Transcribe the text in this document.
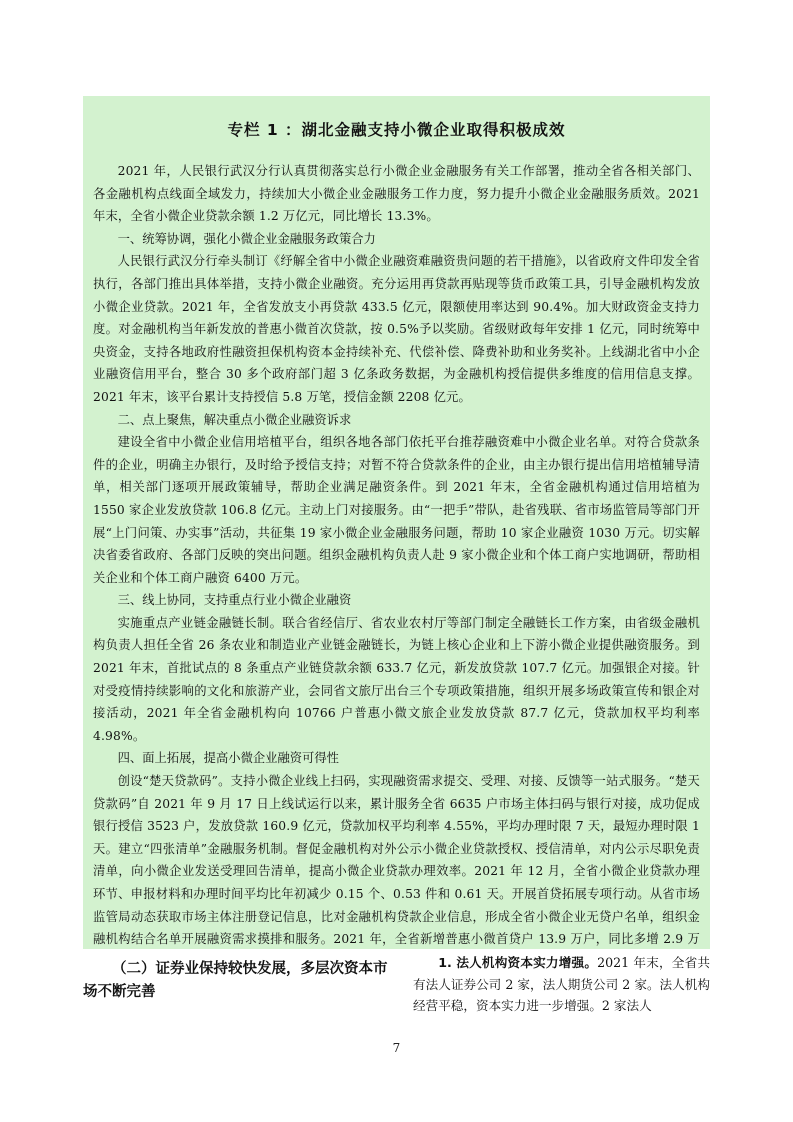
专栏 1 ：湖北金融支持小微企业取得积极成效

2021 年，人民银行武汉分行认真贯彻落实总行小微企业金融服务有关工作部署，推动全省各相关部门、各金融机构点线面全域发力，持续加大小微企业金融服务工作力度，努力提升小微企业金融服务质效。2021 年末，全省小微企业贷款余额 1.2 万亿元，同比增长 13.3%。

一、统筹协调，强化小微企业金融服务政策合力

人民银行武汉分行牵头制订《纾解全省中小微企业融资难融资贵问题的若干措施》，以省政府文件印发全省执行，各部门推出具体举措，支持小微企业融资。充分运用再贷款再贴现等货币政策工具，引导金融机构发放小微企业贷款。2021 年，全省发放支小再贷款 433.5 亿元，限额使用率达到 90.4%。加大财政资金支持力度。对金融机构当年新发放的普惠小微首次贷款，按 0.5%予以奖励。省级财政每年安排 1 亿元，同时统筹中央资金，支持各地政府性融资担保机构资本金持续补充、代偿补偿、降费补助和业务奖补。上线湖北省中小企业融资信用平台，整合 30 多个政府部门超 3 亿条政务数据，为金融机构授信提供多维度的信用信息支撑。2021 年末，该平台累计支持授信 5.8 万笔，授信金额 2208 亿元。

二、点上聚焦，解决重点小微企业融资诉求

建设全省中小微企业信用培植平台，组织各地各部门依托平台推荐融资难中小微企业名单。对符合贷款条件的企业，明确主办银行，及时给予授信支持；对暂不符合贷款条件的企业，由主办银行提出信用培植辅导清单，相关部门逐项开展政策辅导，帮助企业满足融资条件。到 2021 年末，全省金融机构通过信用培植为 1550 家企业发放贷款 106.8 亿元。主动上门对接服务。由“一把手”带队，赴省残联、省市场监管局等部门开展“上门问策、办实事”活动，共征集 19 家小微企业金融服务问题，帮助 10 家企业融资 1030 万元。切实解决省委省政府、各部门反映的突出问题。组织金融机构负责人赴 9 家小微企业和个体工商户实地调研，帮助相关企业和个体工商户融资 6400 万元。

三、线上协同，支持重点行业小微企业融资

实施重点产业链金融链长制。联合省经信厅、省农业农村厅等部门制定全融链长工作方案，由省级金融机构负责人担任全省 26 条农业和制造业产业链金融链长，为链上核心企业和上下游小微企业提供融资服务。到 2021 年末，首批试点的 8 条重点产业链贷款余额 633.7 亿元，新发放贷款 107.7 亿元。加强银企对接。针对受疫情持续影响的文化和旅游产业，会同省文旅厅出台三个专项政策措施，组织开展多场政策宣传和银企对接活动，2021 年全省金融机构向 10766 户普惠小微文旅企业发放贷款 87.7 亿元，贷款加权平均利率 4.98%。

四、面上拓展，提高小微企业融资可得性

创设“楚天贷款码”。支持小微企业线上扫码，实现融资需求提交、受理、对接、反馈等一站式服务。“楚天贷款码”自 2021 年 9 月 17 日上线试运行以来，累计服务全省 6635 户市场主体扫码与银行对接，成功促成银行授信 3523 户，发放贷款 160.9 亿元，贷款加权平均利率 4.55%，平均办理时限 7 天，最短办理时限 1 天。建立“四张清单”金融服务机制。督促金融机构对外公示小微企业贷款授权、授信清单，对内公示尽职免责清单，向小微企业发送受理回告清单，提高小微企业贷款办理效率。2021 年 12 月，全省小微企业贷款办理环节、申报材料和办理时间平均比年初减少 0.15 个、0.53 件和 0.61 天。开展首贷拓展专项行动。从省市场监管局动态获取市场主体注册登记信息，比对金融机构贷款企业信息，形成全省小微企业无贷户名单，组织金融机构结合名单开展融资需求摸排和服务。2021 年，全省新增普惠小微首贷户 13.9 万户，同比多增 2.9 万

（二）证券业保持较快发展，多层次资本市场不断完善

1. 法人机构资本实力增强。2021 年末，全省共有法人证券公司 2 家，法人期货公司 2 家。法人机构经营平稳，资本实力进一步增强。2 家法人

7
